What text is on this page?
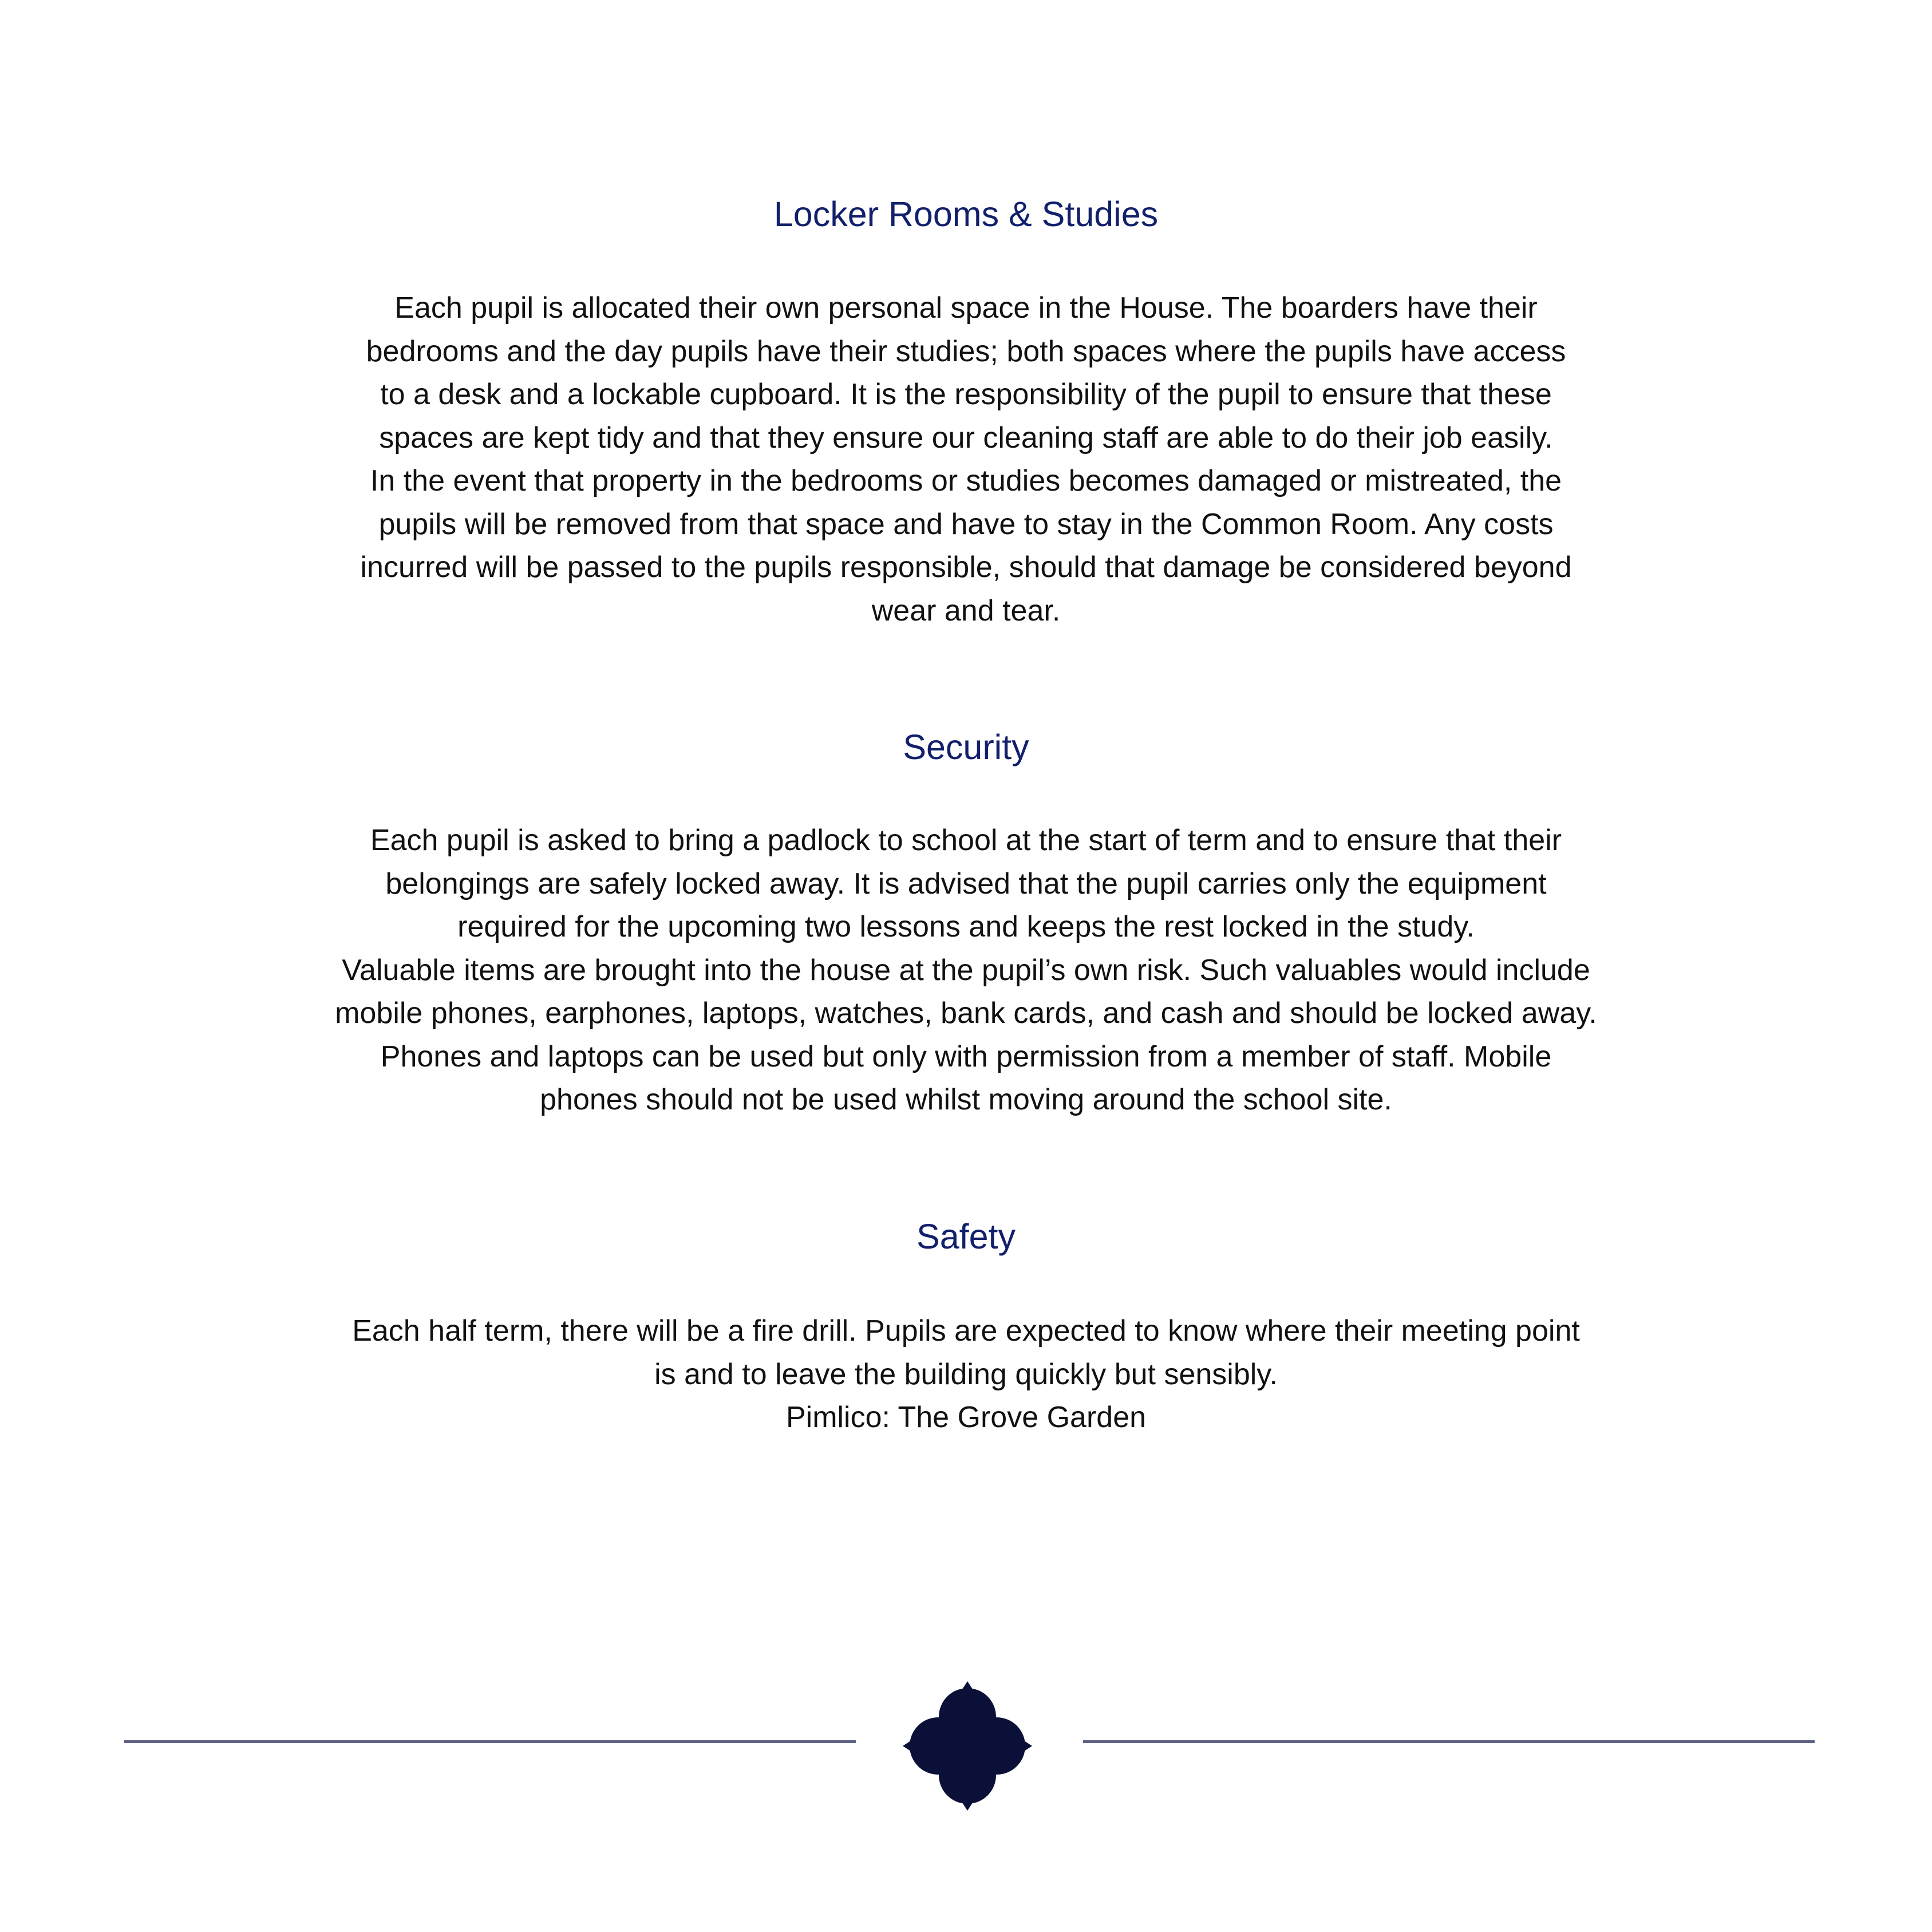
Locker Rooms & Studies

Each pupil is allocated their own personal space in the House. The boarders have their
bedrooms and the day pupils have their studies; both spaces where the pupils have access
to a desk and a lockable cupboard. It is the responsibility of the pupil to ensure that these
spaces are kept tidy and that they ensure our cleaning staff are able to do their job easily.
In the event that property in the bedrooms or studies becomes damaged or mistreated, the
pupils will be removed from that space and have to stay in the Common Room. Any costs
incurred will be passed to the pupils responsible, should that damage be considered beyond
wear and tear.

Security

Each pupil is asked to bring a padlock to school at the start of term and to ensure that their
belongings are safely locked away. It is advised that the pupil carries only the equipment
required for the upcoming two lessons and keeps the rest locked in the study.
Valuable items are brought into the house at the pupil’s own risk. Such valuables would include
mobile phones, earphones, laptops, watches, bank cards, and cash and should be locked away.
Phones and laptops can be used but only with permission from a member of staff. Mobile
phones should not be used whilst moving around the school site.

Safety

Each half term, there will be a fire drill. Pupils are expected to know where their meeting point
is and to leave the building quickly but sensibly.
Pimlico: The Grove Garden
